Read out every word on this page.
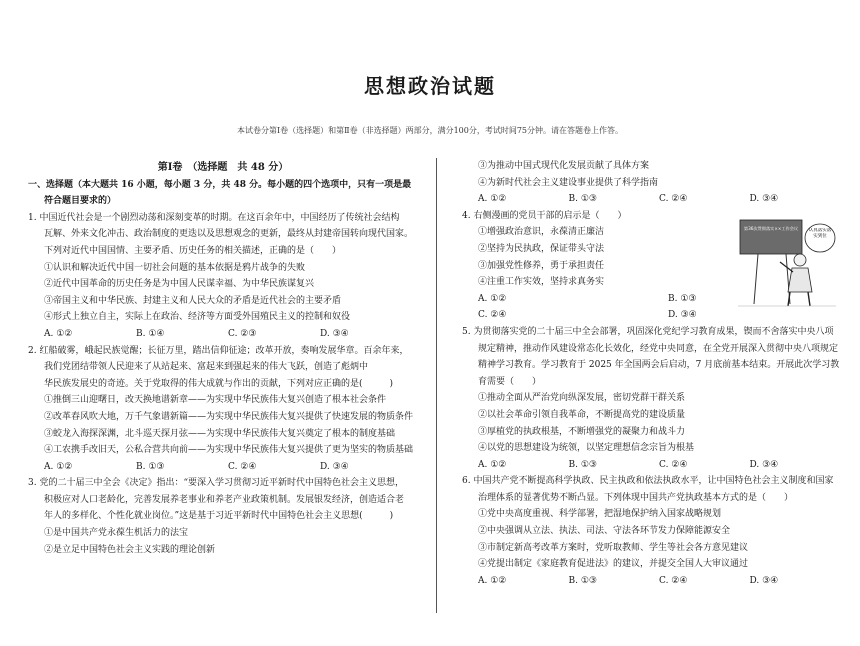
思想政治试题
本试卷分第Ⅰ卷（选择题）和第Ⅱ卷（非选择题）两部分，满分100分，考试时间75分钟。请在答题卷上作答。
第Ⅰ卷　（选择题　共 48 分）
一、选择题（本大题共 16 小题，每小题 3 分，共 48 分。每小题的四个选项中，只有一项是最
符合题目要求的）
1. 中国近代社会是一个剧烈动荡和深刻变革的时期。在这百余年中，中国经历了传统社会结构
瓦解、外来文化冲击、政治制度的更迭以及思想观念的更新，最终从封建帝国转向现代国家。
下列对近代中国国情、主要矛盾、历史任务的相关描述，正确的是（　　）
①认识和解决近代中国一切社会问题的基本依据是鸦片战争的失败
②近代中国革命的历史任务是为中国人民谋幸福、为中华民族谋复兴
③帝国主义和中华民族、封建主义和人民大众的矛盾是近代社会的主要矛盾
④形式上独立自主，实际上在政治、经济等方面受外国殖民主义的控制和奴役
A. ①②	B. ①④	C. ②③	D. ③④
2. 红船破雾，峨起民族觉醒；长征万里，踏出信仰征途；改革开放，奏响发展华章。百余年来，
我们党团结带领人民迎来了从站起来、富起来到强起来的伟大飞跃，创造了彪炳中
华民族发展史的奇迹。关于党取得的伟大成就与作出的贡献，下列对应正确的是(　　　)
①推倒三山迎曙日，改天换地谱新章——为实现中华民族伟大复兴创造了根本社会条件
②改革春风吹大地，万千气象谱新篇——为实现中华民族伟大复兴提供了快速发展的物质条件
③蛟龙入海探深渊，北斗巡天探月弦——为实现中华民族伟大复兴奠定了根本的制度基础
④工农携手改旧天，公私合营共向前——为实现中华民族伟大复兴提供了更为坚实的物质基础
A. ①②	B. ①③	C. ②④	D. ③④
3. 党的二十届三中全会《决定》指出：“要深入学习贯彻习近平新时代中国特色社会主义思想，
积极应对人口老龄化，完善发展养老事业和养老产业政策机制。发展银发经济，创造适合老
年人的多样化、个性化就业岗位。”这是基于习近平新时代中国特色社会主义思想(　　　)
①是中国共产党永葆生机活力的法宝
②是立足中国特色社会主义实践的理论创新
③为推动中国式现代化发展贡献了具体方案
④为新时代社会主义建设事业提供了科学指南
A. ①②	B. ①③	C. ②④	D. ③④
4. 右侧漫画的党员干部的启示是（　　）
①增强政治意识，永葆清正廉洁
②坚持为民执政，保证带头守法
③加强党性修养，勇于承担责任
④注重工作实效，坚持求真务实
A. ①②	B. ①③
C. ②④	D. ③④
第36次贯彻落实××工作会议	认真落实落实到位
5. 为贯彻落实党的二十届三中全会部署，巩固深化党纪学习教育成果，锲而不舍落实中央八项
规定精神，推动作风建设常态化长效化，经党中央同意，在全党开展深入贯彻中央八项规定
精神学习教育。学习教育于 2025 年全国两会后启动，7 月底前基本结束。开展此次学习教
育需要（　　）
①推动全面从严治党向纵深发展，密切党群干群关系
②以社会革命引领自我革命，不断提高党的建设质量
③厚植党的执政根基，不断增强党的凝聚力和战斗力
④以党的思想建设为统领，以坚定理想信念宗旨为根基
A. ①②	B. ①③	C. ②④	D. ③④
6. 中国共产党不断提高科学执政、民主执政和依法执政水平，让中国特色社会主义制度和国家
治理体系的显著优势不断凸显。下列体现中国共产党执政基本方式的是（　　）
①党中央高度重视、科学部署，把湿地保护纳入国家战略规划
②中央强调从立法、执法、司法、守法各环节发力保障能源安全
③市制定新高考改革方案时，党听取教师、学生等社会各方意见建议
④党提出制定《家庭教育促进法》的建议，并提交全国人大审议通过
A. ①②	B. ①③	C. ②④	D. ③④
